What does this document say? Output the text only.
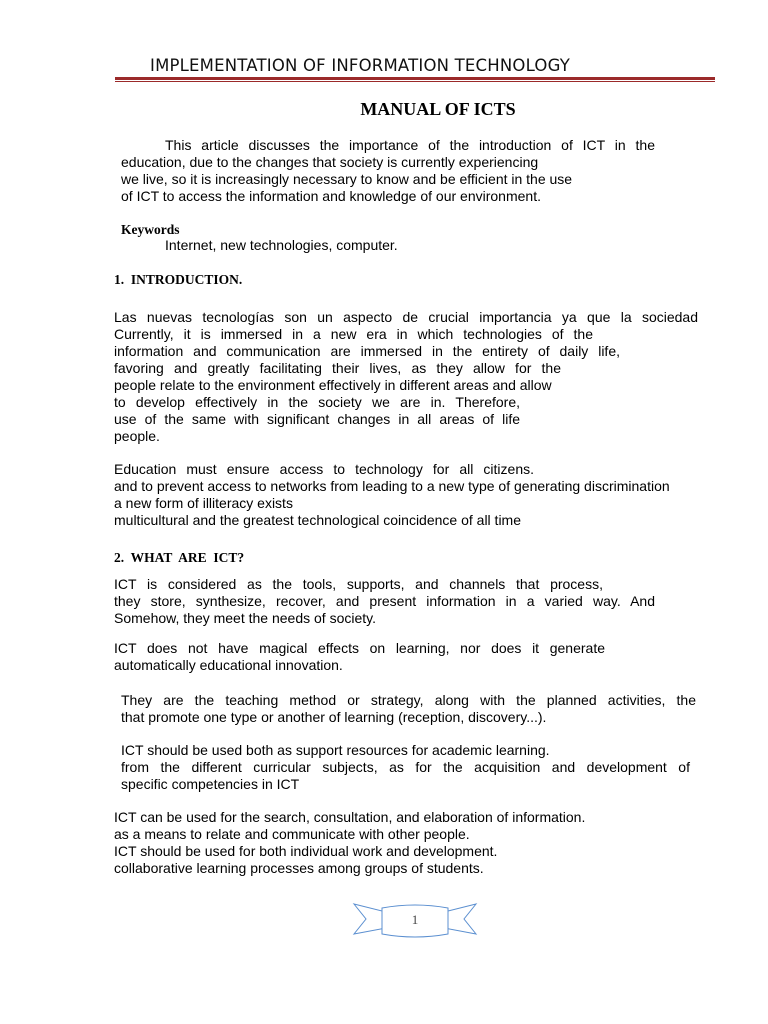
IMPLEMENTATION OF INFORMATION TECHNOLOGY
MANUAL OF ICTS
This article discusses the importance of the introduction of ICT in the
education, due to the changes that society is currently experiencing
we live, so it is increasingly necessary to know and be efficient in the use
of ICT to access the information and knowledge of our environment.
Keywords
Internet, new technologies, computer.
1.  INTRODUCTION.
Las nuevas tecnologías son un aspecto de crucial importancia ya que la sociedad
Currently, it is immersed in a new era in which technologies of the
information and communication are immersed in the entirety of daily life,
favoring and greatly facilitating their lives, as they allow for the
people relate to the environment effectively in different areas and allow
to develop effectively in the society we are in. Therefore,
use of the same with significant changes in all areas of life
people.
Education must ensure access to technology for all citizens.
and to prevent access to networks from leading to a new type of generating discrimination
a new form of illiteracy exists
multicultural and the greatest technological coincidence of all time
2.  WHAT  ARE  ICT?
ICT is considered as the tools, supports, and channels that process,
they store, synthesize, recover, and present information in a varied way. And
Somehow, they meet the needs of society.
ICT does not have magical effects on learning, nor does it generate
automatically educational innovation.
They are the teaching method or strategy, along with the planned activities, the
that promote one type or another of learning (reception, discovery...).
ICT should be used both as support resources for academic learning.
from the different curricular subjects, as for the acquisition and development of
specific competencies in ICT
ICT can be used for the search, consultation, and elaboration of information.
as a means to relate and communicate with other people.
ICT should be used for both individual work and development.
collaborative learning processes among groups of students.
1
